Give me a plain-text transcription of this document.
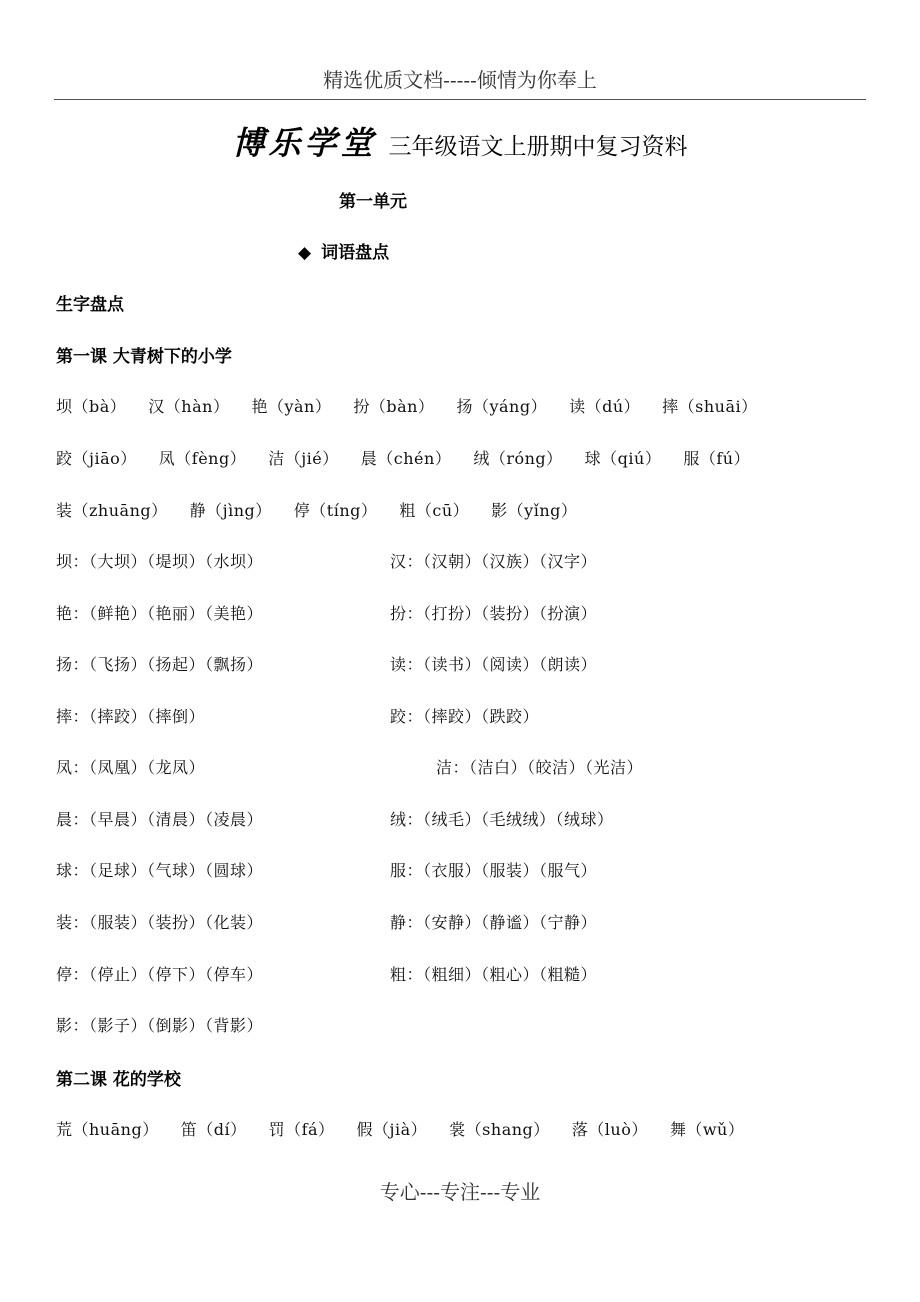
精选优质文档-----倾情为你奉上
博乐学堂 三年级语文上册期中复习资料
第一单元
◆ 词语盘点
生字盘点
第一课 大青树下的小学
坝（bà） 汉（hàn） 艳（yàn） 扮（bàn） 扬（yáng） 读（dú） 摔（shuāi）
跤（jiāo） 凤（fèng） 洁（jié） 晨（chén） 绒（róng） 球（qiú） 服（fú）
装（zhuāng） 静（jìng） 停（tíng） 粗（cū） 影（yǐng）
坝：（大坝）（堤坝）（水坝）	汉：（汉朝）（汉族）（汉字）
艳：（鲜艳）（艳丽）（美艳）	扮：（打扮）（装扮）（扮演）
扬：（飞扬）（扬起）（飘扬）	读：（读书）（阅读）（朗读）
摔：（摔跤）（摔倒）	跤：（摔跤）（跌跤）
凤：（凤凰）（龙凤）	洁：（洁白）（皎洁）（光洁）
晨：（早晨）（清晨）（凌晨）	绒：（绒毛）（毛绒绒）（绒球）
球：（足球）（气球）（圆球）	服：（衣服）（服装）（服气）
装：（服装）（装扮）（化装）	静：（安静）（静谧）（宁静）
停：（停止）（停下）（停车）	粗：（粗细）（粗心）（粗糙）
影：（影子）（倒影）（背影）
第二课 花的学校
荒（huāng） 笛（dí） 罚（fá） 假（jià） 裳（shang） 落（luò） 舞（wǔ）
专心---专注---专业
